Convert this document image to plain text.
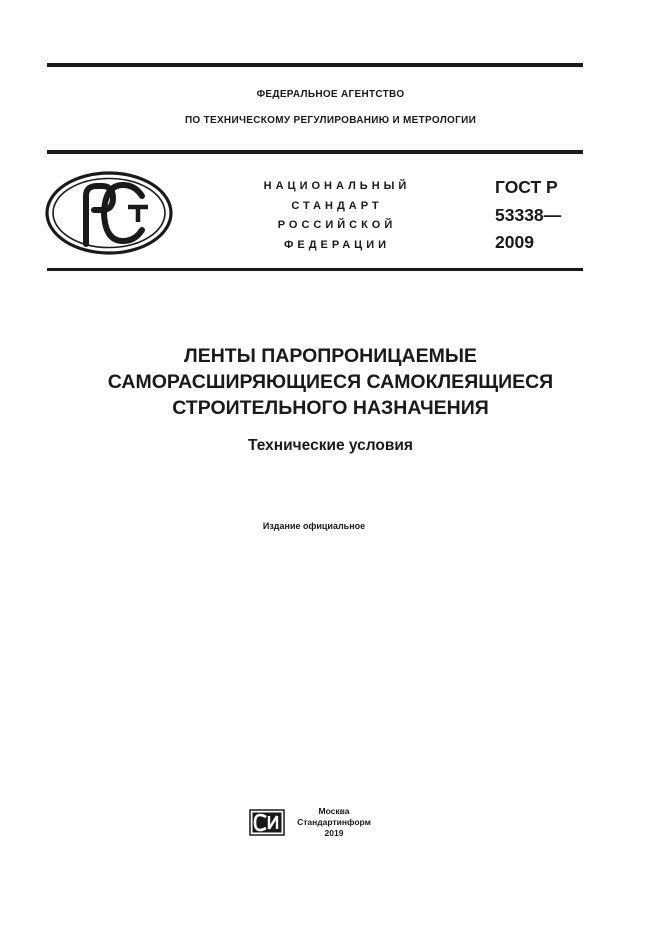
ФЕДЕРАЛЬНОЕ АГЕНТСТВО
ПО ТЕХНИЧЕСКОМУ РЕГУЛИРОВАНИЮ И МЕТРОЛОГИИ
НАЦИОНАЛЬНЫЙ
СТАНДАРТ
РОССИЙСКОЙ
ФЕДЕРАЦИИ
ГОСТ Р
53338—
2009
ЛЕНТЫ ПАРОПРОНИЦАЕМЫЕ
САМОРАСШИРЯЮЩИЕСЯ САМОКЛЕЯЩИЕСЯ
СТРОИТЕЛЬНОГО НАЗНАЧЕНИЯ
Технические условия
Издание официальное
Москва
Стандартинформ
2019
